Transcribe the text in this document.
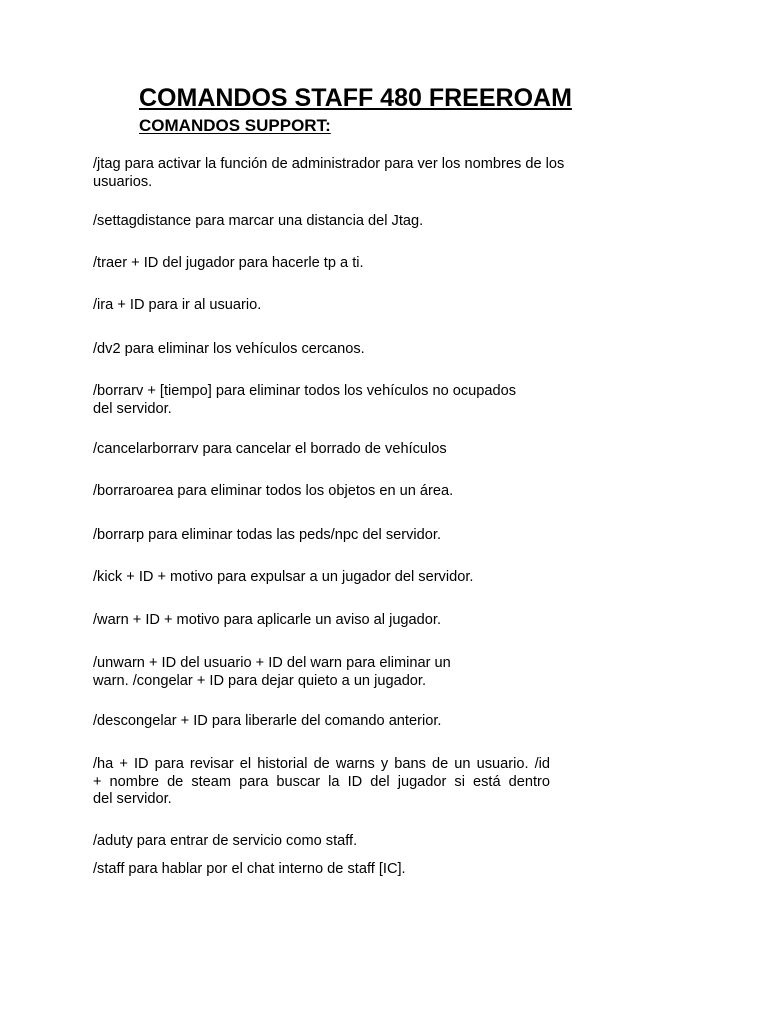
COMANDOS STAFF 480 FREEROAM
COMANDOS SUPPORT:

/jtag para activar la función de administrador para ver los nombres de los
usuarios.

/settagdistance para marcar una distancia del Jtag.

/traer + ID del jugador para hacerle tp a ti.

/ira + ID para ir al usuario.

/dv2 para eliminar los vehículos cercanos.

/borrarv + [tiempo] para eliminar todos los vehículos no ocupados
del servidor.

/cancelarborrarv para cancelar el borrado de vehículos

/borraroarea para eliminar todos los objetos en un área.

/borrarp para eliminar todas las peds/npc del servidor.

/kick + ID + motivo para expulsar a un jugador del servidor.

/warn + ID + motivo para aplicarle un aviso al jugador.

/unwarn + ID del usuario + ID del warn para eliminar un
warn. /congelar + ID para dejar quieto a un jugador.

/descongelar + ID para liberarle del comando anterior.

/ha + ID para revisar el historial de warns y bans de un usuario. /id
+ nombre de steam para buscar la ID del jugador si está dentro
del servidor.

/aduty para entrar de servicio como staff.

/staff para hablar por el chat interno de staff [IC].
